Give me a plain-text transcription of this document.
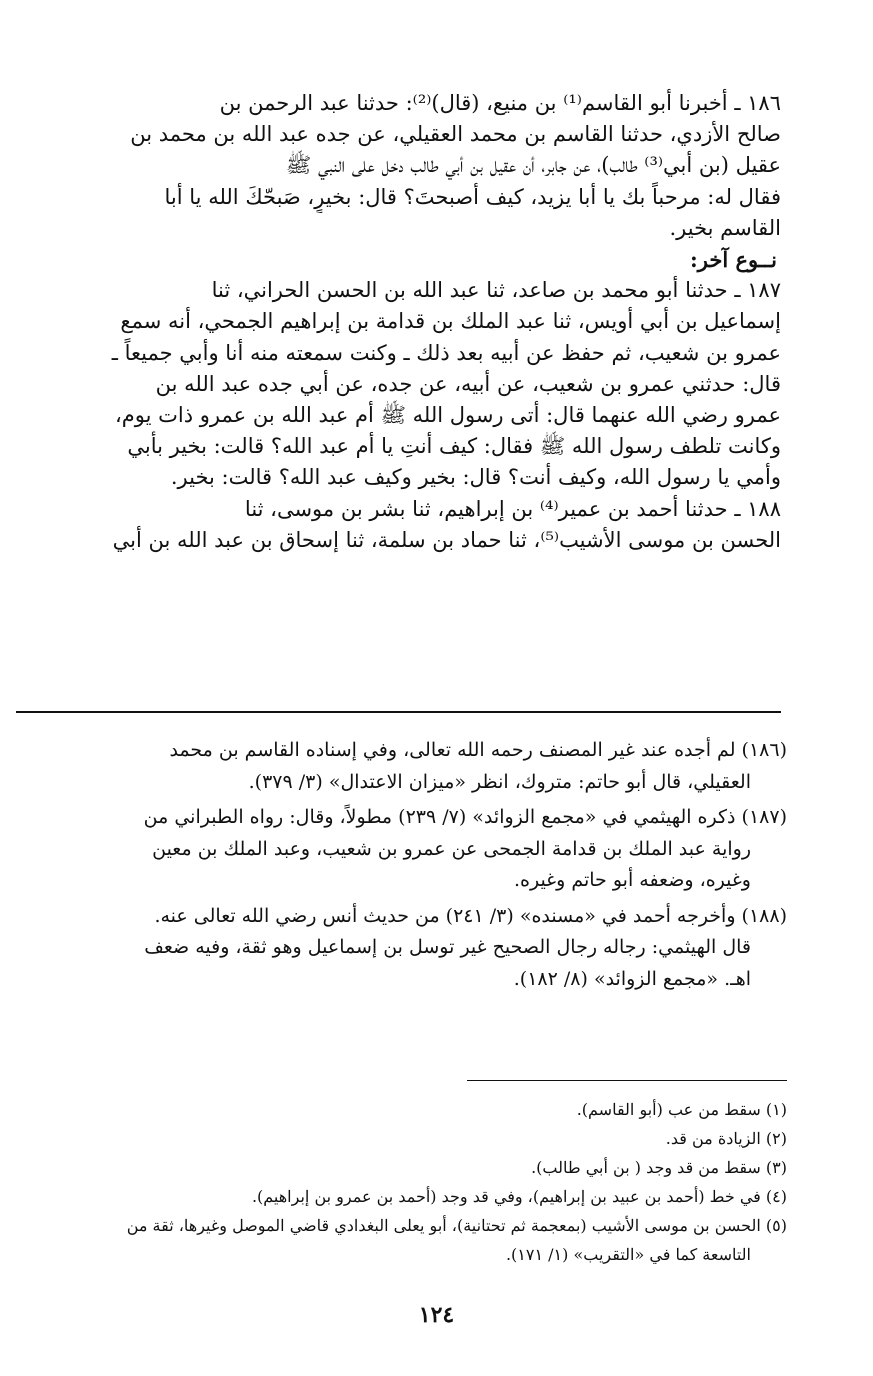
١٨٦ ـ أخبرنا أبو القاسم⁽¹⁾ بن منيع، (قال)⁽²⁾: حدثنا عبد الرحمن بن
صالح الأزدي، حدثنا القاسم بن محمد العقيلي، عن جده عبد الله بن محمد بن
عقيل (بن أبي⁽³⁾ طالب)، عن جابر، أن عقيل بن أبي طالب دخل على النبي ﷺ
فقال له: مرحباً بك يا أبا يزيد، كيف أصبحتَ؟ قال: بخيرٍ، صَبحّكَ الله يا أبا
القاسم بخير.
نــوع آخر:
١٨٧ ـ حدثنا أبو محمد بن صاعد، ثنا عبد الله بن الحسن الحراني، ثنا
إسماعيل بن أبي أويس، ثنا عبد الملك بن قدامة بن إبراهيم الجمحي، أنه سمع
عمرو بن شعيب، ثم حفظ عن أبيه بعد ذلك ـ وكنت سمعته منه أنا وأبي جميعاً ـ
قال: حدثني عمرو بن شعيب، عن أبيه، عن جده، عن أبي جده عبد الله بن
عمرو رضي الله عنهما قال: أتى رسول الله ﷺ أم عبد الله بن عمرو ذات يوم،
وكانت تلطف رسول الله ﷺ فقال: كيف أنتِ يا أم عبد الله؟ قالت: بخير بأبي
وأمي يا رسول الله، وكيف أنت؟ قال: بخير وكيف عبد الله؟ قالت: بخير.
١٨٨ ـ حدثنا أحمد بن عمير⁽⁴⁾ بن إبراهيم، ثنا بشر بن موسى، ثنا
الحسن بن موسى الأشيب⁽⁵⁾، ثنا حماد بن سلمة، ثنا إسحاق بن عبد الله بن أبي
(١٨٦) لم أجده عند غير المصنف رحمه الله تعالى، وفي إسناده القاسم بن محمد
العقيلي، قال أبو حاتم: متروك، انظر «ميزان الاعتدال» (٣/ ٣٧٩).
(١٨٧) ذكره الهيثمي في «مجمع الزوائد» (٧/ ٢٣٩) مطولاً، وقال: رواه الطبراني من
رواية عبد الملك بن قدامة الجمحى عن عمرو بن شعيب، وعبد الملك بن معين
وغيره، وضعفه أبو حاتم وغيره.
(١٨٨) وأخرجه أحمد في «مسنده» (٣/ ٢٤١) من حديث أنس رضي الله تعالى عنه.
قال الهيثمي: رجاله رجال الصحيح غير توسل بن إسماعيل وهو ثقة، وفيه ضعف
اهـ. «مجمع الزوائد» (٨/ ١٨٢).
(١) سقط من عب (أبو القاسم).
(٢) الزيادة من قد.
(٣) سقط من قد وجد ( بن أبي طالب).
(٤) في خط (أحمد بن عبيد بن إبراهيم)، وفي قد وجد (أحمد بن عمرو بن إبراهيم).
(٥) الحسن بن موسى الأشيب (بمعجمة ثم تحتانية)، أبو يعلى البغدادي قاضي الموصل وغيرها، ثقة من
التاسعة كما في «التقريب» (١/ ١٧١).
١٢٤
